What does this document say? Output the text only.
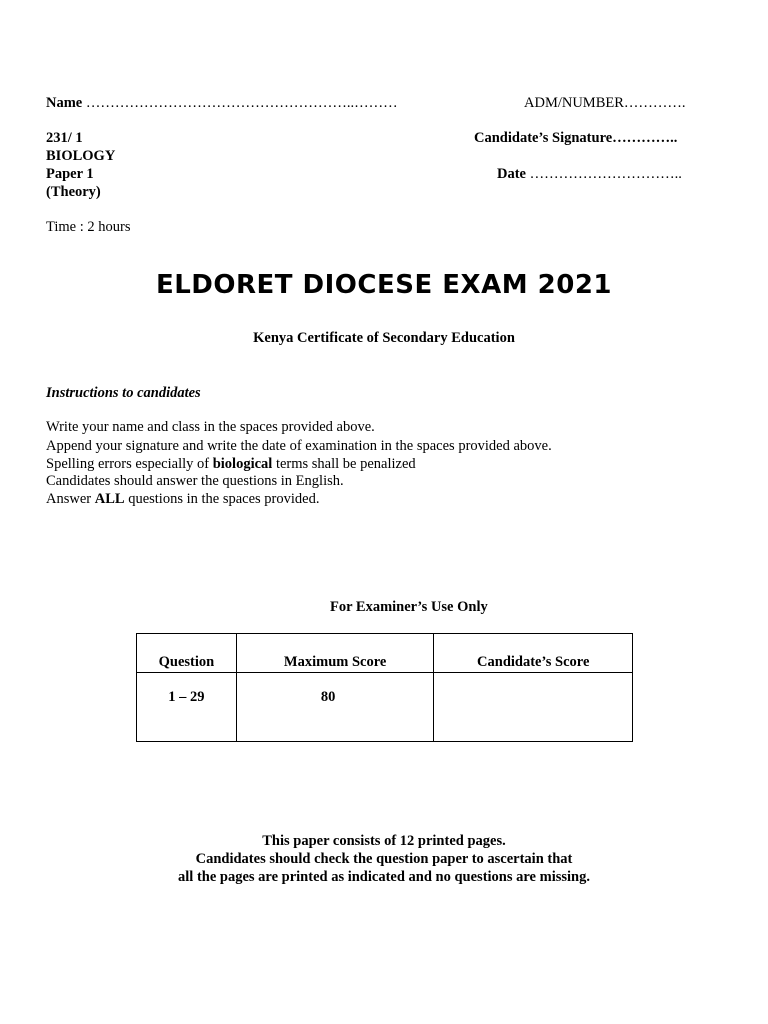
Name ………………………………………………..………	ADM/NUMBER………….
231/ 1	Candidate’s Signature…………..
BIOLOGY
Paper 1	Date …………………………..
(Theory)
Time : 2 hours
ELDORET DIOCESE EXAM 2021
Kenya Certificate of Secondary Education
Instructions to candidates
Write your name and class in the spaces provided above.
Append your signature and write the date of examination in the spaces provided above.
Spelling errors especially of biological terms shall be penalized
Candidates should answer the questions in English.
Answer ALL questions in the spaces provided.
For Examiner’s Use Only
Question	Maximum Score	Candidate’s Score
1 – 29	80	
This paper consists of 12 printed pages.
Candidates should check the question paper to ascertain that
all the pages are printed as indicated and no questions are missing.
